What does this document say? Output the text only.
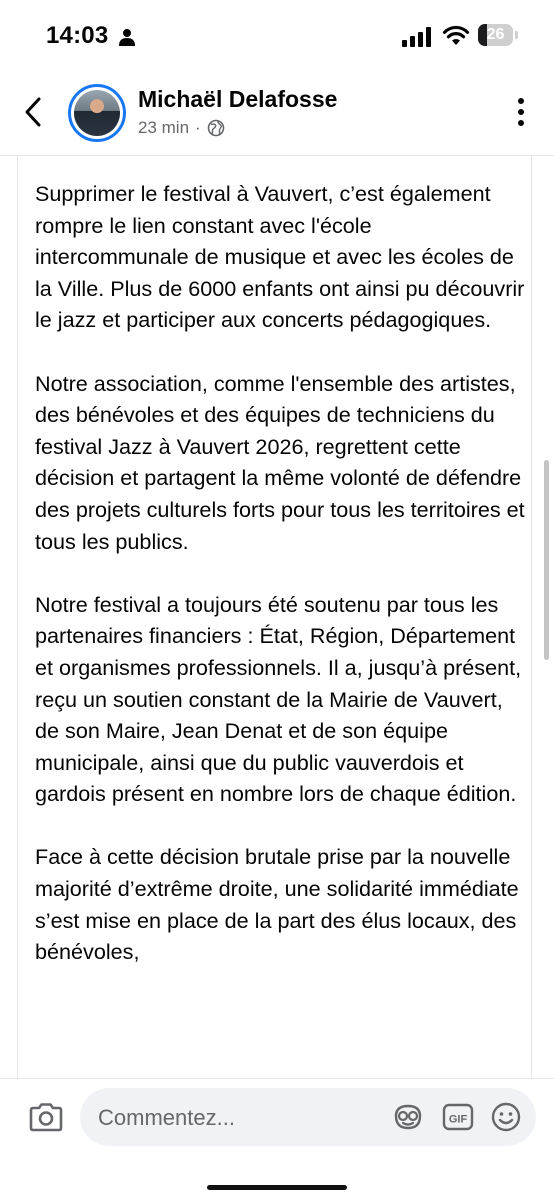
14:03	26
Michaël Delafosse
23 min ·

Supprimer le festival à Vauvert, c’est également rompre le lien constant avec l'école intercommunale de musique et avec les écoles de la Ville. Plus de 6000 enfants ont ainsi pu découvrir le jazz et participer aux concerts pédagogiques.

Notre association, comme l'ensemble des artistes, des bénévoles et des équipes de techniciens du festival Jazz à Vauvert 2026, regrettent cette décision et partagent la même volonté de défendre des projets culturels forts pour tous les territoires et tous les publics.

Notre festival a toujours été soutenu par tous les partenaires financiers : État, Région, Département et organismes professionnels. Il a, jusqu’à présent, reçu un soutien constant de la Mairie de Vauvert, de son Maire, Jean Denat et de son équipe municipale, ainsi que du public vauverdois et gardois présent en nombre lors de chaque édition.

Face à cette décision brutale prise par la nouvelle majorité d’extrême droite, une solidarité immédiate s’est mise en place de la part des élus locaux, des bénévoles,

Commentez...	GIF
